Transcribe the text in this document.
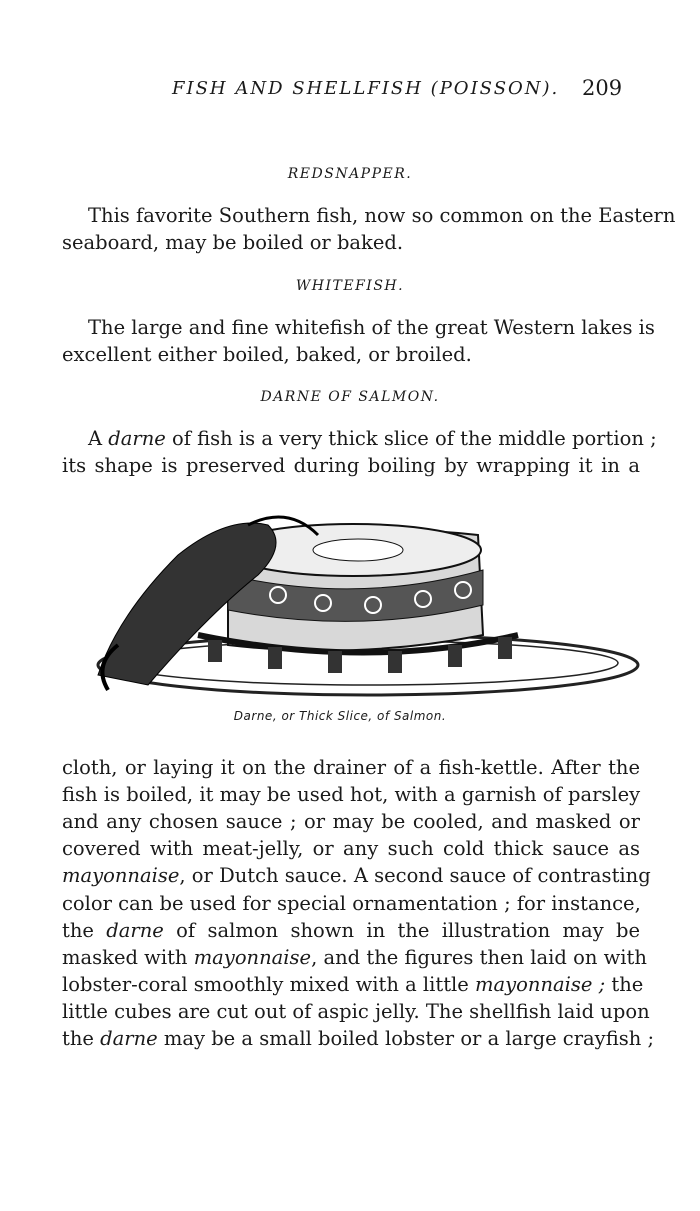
FISH AND SHELLFISH (POISSON). 209
REDSNAPPER.
This favorite Southern fish, now so common on the Eastern
seaboard, may be boiled or baked.
WHITEFISH.
The large and fine whitefish of the great Western lakes is
excellent either boiled, baked, or broiled.
DARNE OF SALMON.
A darne of fish is a very thick slice of the middle portion ;
its shape is preserved during boiling by wrapping it in a
cloth, or laying it on the drainer of a fish-kettle. After the
fish is boiled, it may be used hot, with a garnish of parsley
and any chosen sauce ; or may be cooled, and masked or
covered with meat-jelly, or any such cold thick sauce as
mayonnaise, or Dutch sauce. A second sauce of contrasting
color can be used for special ornamentation ; for instance,
the darne of salmon shown in the illustration may be
masked with mayonnaise, and the figures then laid on with
lobster-coral smoothly mixed with a little mayonnaise ; the
little cubes are cut out of aspic jelly. The shellfish laid upon
the darne may be a small boiled lobster or a large crayfish ;
Darne, or Thick Slice, of Salmon.
